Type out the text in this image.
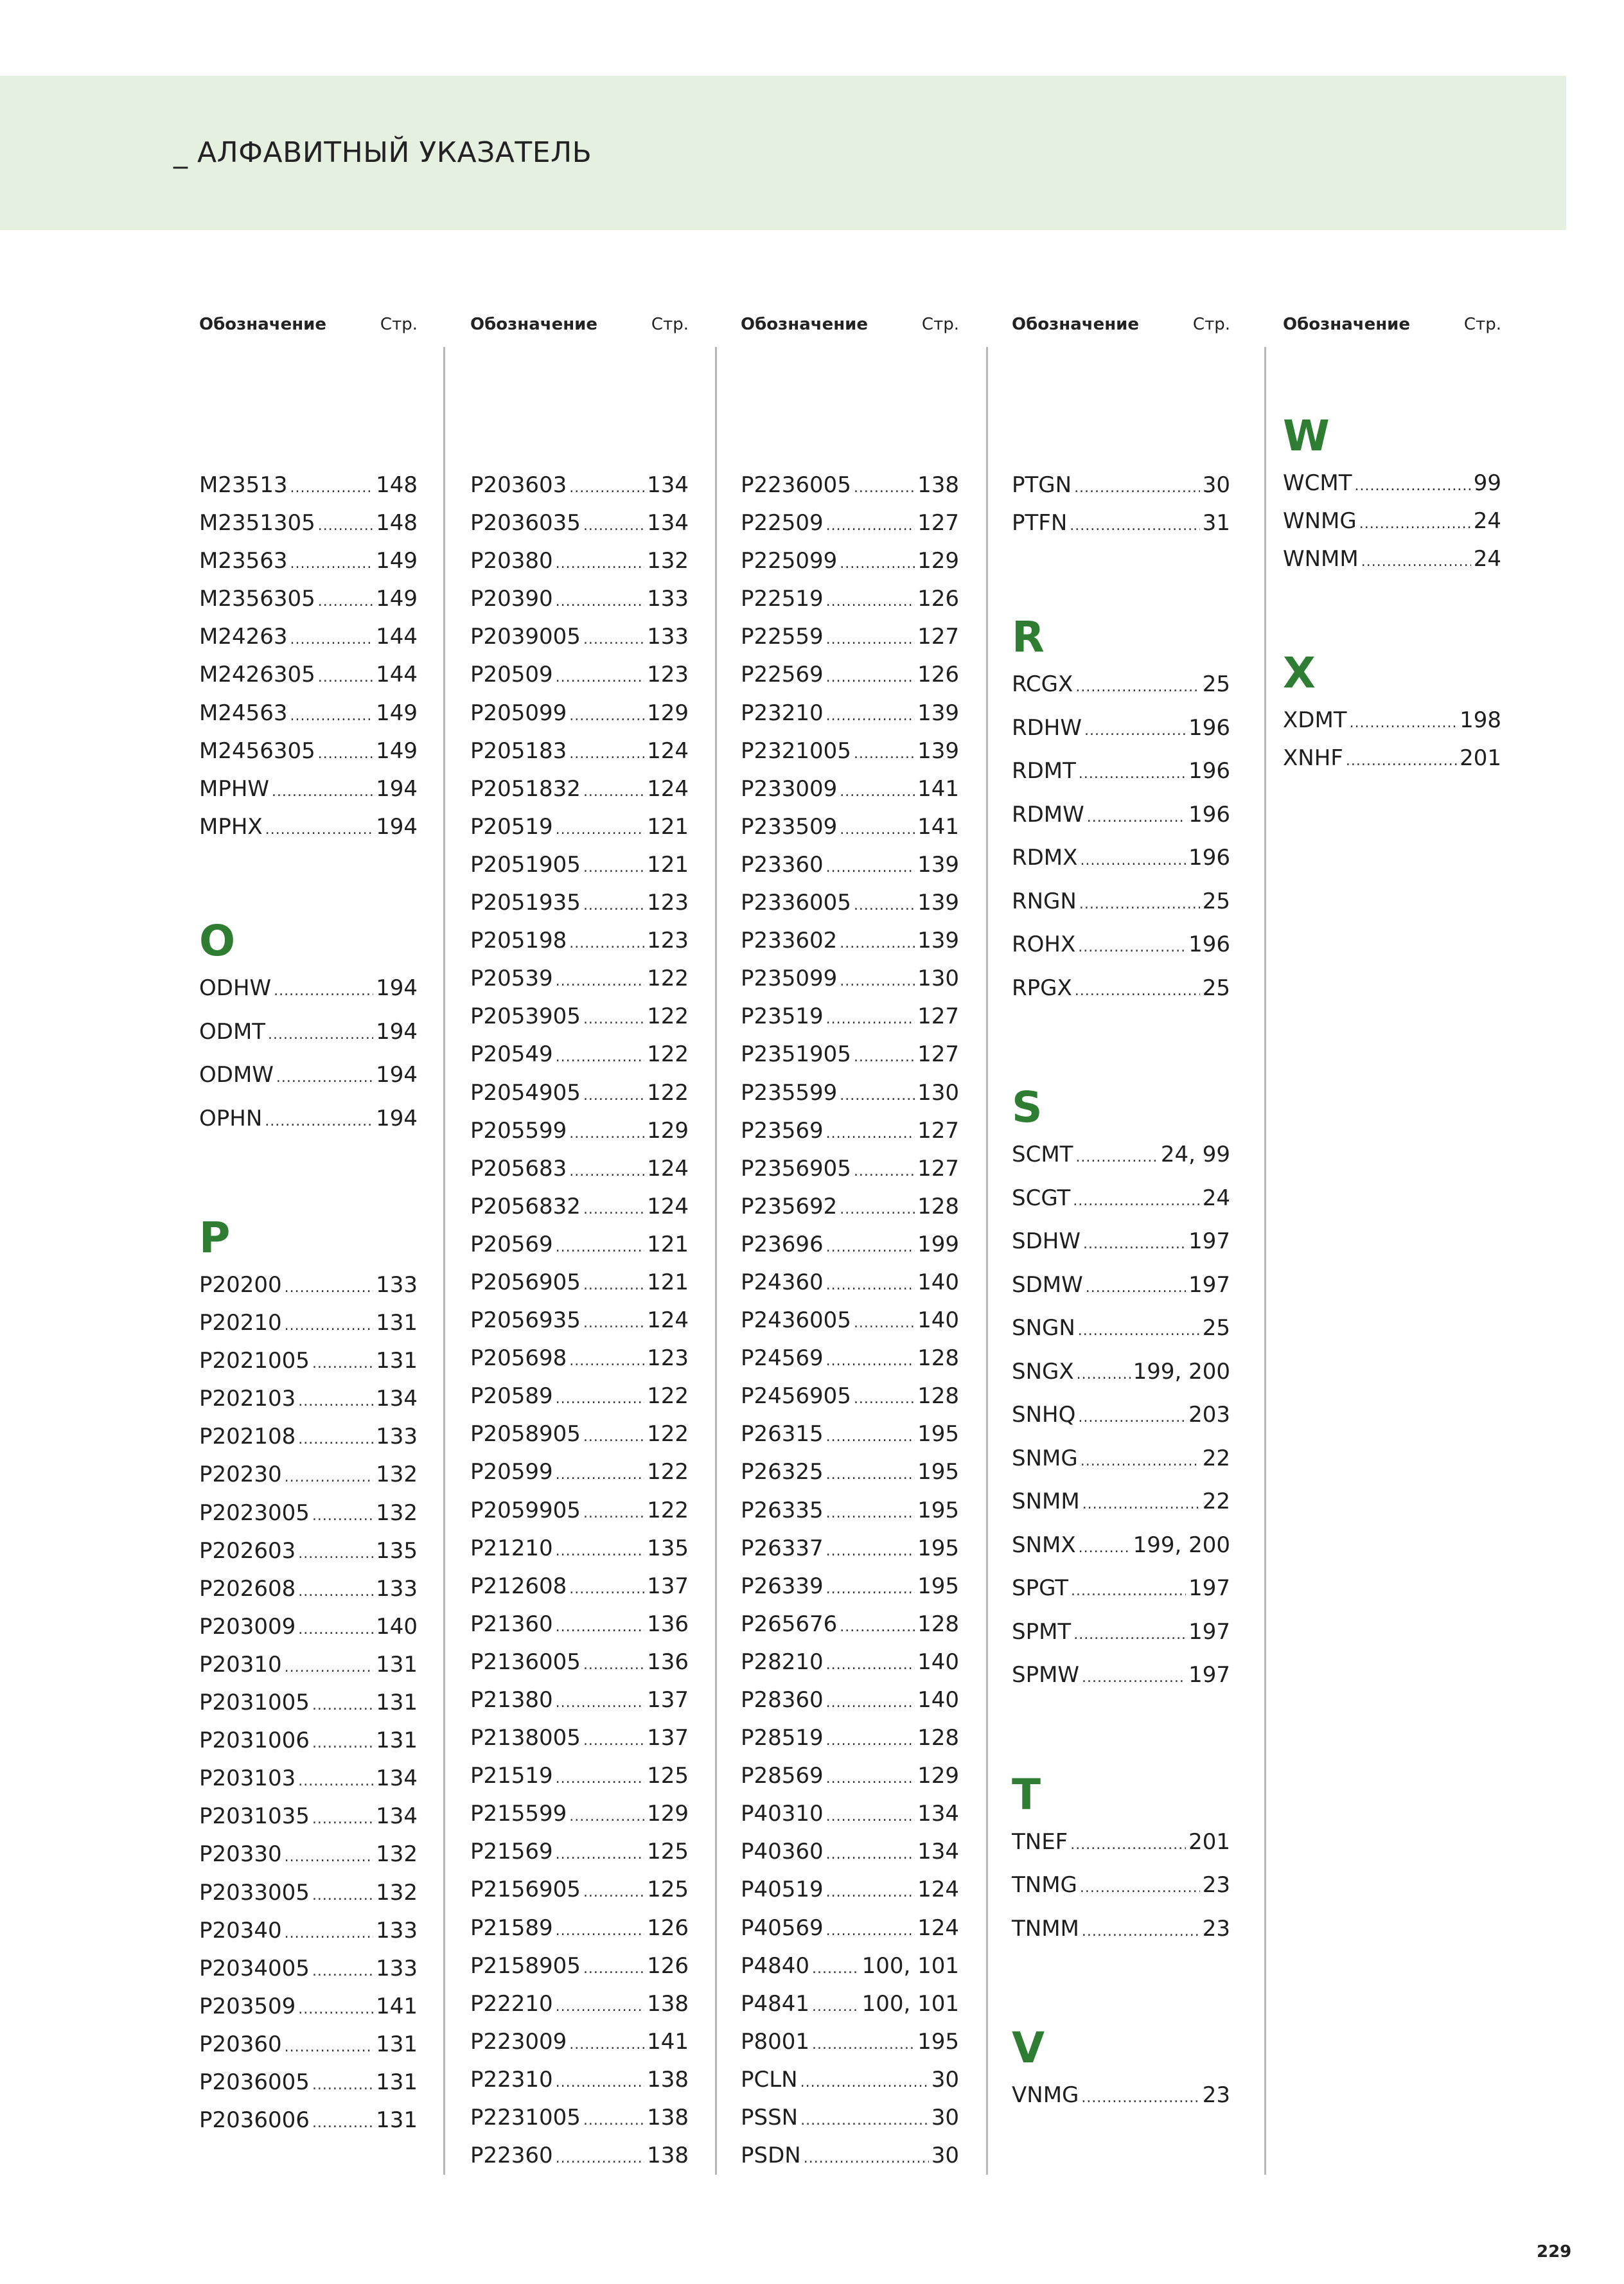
_ АЛФАВИТНЫЙ УКАЗАТЕЛЬ
Обозначение	Стр.
M23513 .....	148
M2351305 .....	148
M23563 .....	149
M2356305 .....	149
M24263 .....	144
M2426305 .....	144
M24563 .....	149
M2456305 .....	149
MPHW .....	194
MPHX .....	194
O
ODHW .....	194
ODMT .....	194
ODMW .....	194
OPHN .....	194
P
P20200 .....	133
P20210 .....	131
P2021005 .....	131
P202103 .....	134
P202108 .....	133
P20230 .....	132
P2023005 .....	132
P202603 .....	135
P202608 .....	133
P203009 .....	140
P20310 .....	131
P2031005 .....	131
P2031006 .....	131
P203103 .....	134
P2031035 .....	134
P20330 .....	132
P2033005 .....	132
P20340 .....	133
P2034005 .....	133
P203509 .....	141
P20360 .....	131
P2036005 .....	131
P2036006 .....	131
Обозначение	Стр.
P203603 .....	134
P2036035 .....	134
P20380 .....	132
P20390 .....	133
P2039005 .....	133
P20509 .....	123
P205099 .....	129
P205183 .....	124
P2051832 .....	124
P20519 .....	121
P2051905 .....	121
P2051935 .....	123
P205198 .....	123
P20539 .....	122
P2053905 .....	122
P20549 .....	122
P2054905 .....	122
P205599 .....	129
P205683 .....	124
P2056832 .....	124
P20569 .....	121
P2056905 .....	121
P2056935 .....	124
P205698 .....	123
P20589 .....	122
P2058905 .....	122
P20599 .....	122
P2059905 .....	122
P21210 .....	135
P212608 .....	137
P21360 .....	136
P2136005 .....	136
P21380 .....	137
P2138005 .....	137
P21519 .....	125
P215599 .....	129
P21569 .....	125
P2156905 .....	125
P21589 .....	126
P2158905 .....	126
P22210 .....	138
P223009 .....	141
P22310 .....	138
P2231005 .....	138
P22360 .....	138
Обозначение	Стр.
P2236005 .....	138
P22509 .....	127
P225099 .....	129
P22519 .....	126
P22559 .....	127
P22569 .....	126
P23210 .....	139
P2321005 .....	139
P233009 .....	141
P233509 .....	141
P23360 .....	139
P2336005 .....	139
P233602 .....	139
P235099 .....	130
P23519 .....	127
P2351905 .....	127
P235599 .....	130
P23569 .....	127
P2356905 .....	127
P235692 .....	128
P23696 .....	199
P24360 .....	140
P2436005 .....	140
P24569 .....	128
P2456905 .....	128
P26315 .....	195
P26325 .....	195
P26335 .....	195
P26337 .....	195
P26339 .....	195
P265676 .....	128
P28210 .....	140
P28360 .....	140
P28519 .....	128
P28569 .....	129
P40310 .....	134
P40360 .....	134
P40519 .....	124
P40569 .....	124
P4840 ..... 100, 101
P4841 ..... 100, 101
P8001 .....	195
PCLN .....	30
PSSN .....	30
PSDN .....	30
Обозначение	Стр.
PTGN .....	30
PTFN .....	31
R
RCGX .....	25
RDHW .....	196
RDMT .....	196
RDMW .....	196
RDMX .....	196
RNGN .....	25
ROHX .....	196
RPGX .....	25
S
SCMT .....	24, 99
SCGT .....	24
SDHW .....	197
SDMW .....	197
SNGN .....	25
SNGX .....	199, 200
SNHQ .....	203
SNMG .....	22
SNMM .....	22
SNMX .....	199, 200
SPGT .....	197
SPMT .....	197
SPMW .....	197
T
TNEF .....	201
TNMG .....	23
TNMM .....	23
V
VNMG .....	23
Обозначение	Стр.
W
WCMT .....	99
WNMG .....	24
WNMM .....	24
X
XDMT .....	198
XNHF .....	201
229
